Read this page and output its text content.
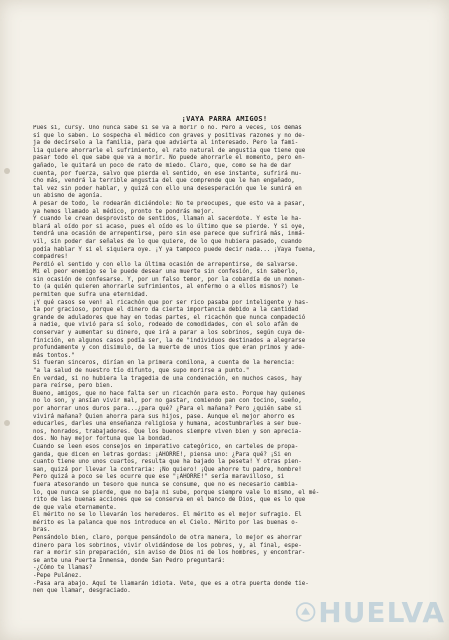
¡VAYA PARRA AMIGOS!
Pues sí, cursy. Uno nunca sabe si se va a morir o no. Pero a veces, los demás
sí que lo saben. Lo sospecha el médico con graves y positivas razones y no de-
ja de decírselo a la familia, para que advierta al interesado. Pero la fami-
lia quiere ahorrarle el sufrimiento, el rato natural de angustia que tiene que
pasar todo el que sabe que va a morir. No puede ahorrarle el momento, pero en-
gañado, le quitará un poco de rato de miedo. Claro, que, como se ha de dar
cuenta, por fuerza, salvo que pierda el sentido, en ese instante, sufrirá mu-
cho más, vendrá la terrible angustia del que comprende que le han engañado,
tal vez sin poder hablar, y quizá con ello una desesperación que le sumirá en
un abismo de agonía.
A pesar de todo, le rodearán diciéndole: No te preocupes, que esto va a pasar,
ya hemos llamado al médico, pronto te pondrás mejor.
Y cuando le crean desprovisto de sentidos, llaman al sacerdote. Y este le ha-
blará al oído por si acaso, pues el oído es lo último que se pierde. Y si oye,
tendrá una ocasión de arrepentirse, pero sin ese parece que sufrirá más, inmá-
vil, sin poder dar señales de lo que quiere, de lo que hubiera pasado, cuando
podía hablar Y si el siquiera oye. ¡Y ya tampoco puede decir nada... ¡Vaya fuena,
compadres!
Perdió el sentido y con ello la última ocasión de arrepentirse, de salvarse.
Mi el peor enemigo se le puede desear una muerte sin confesión, sin saberlo,
sin ocasión de confesarse. Y, por un falso temor, por la cobardía de un momen-
to (a quién quieren ahorrarle sufrimientos, al enfermo o a ellos mismos?) le
permiten que sufra una eternidad.
¡Y qué casos se ven! al ricachón que por ser rico pasaba por inteligente y has-
ta por gracioso, porque el dinero da cierta importancia debido a la cantidad
grande de aduladores que hay en todas partes, el ricachón que nunca compadeció
a nadie, que vivió para sí solo, rodeado de comodidades, con el solo afán de
conservar y aumentar su dinero, que irá a parar a los sobrinos, según cuya de-
finición, en algunos casos podía ser, la de "individuos destinados a alegrarse
profundamente y con disimulo, de la muerte de unos tíos que eran primos y ade-
más tontos."
Si fueran sinceros, dirían en la primera comilona, a cuenta de la herencia:
"a la salud de nuestro tío difunto, que supo morirse a punto."
En verdad, si no hubiera la tragedia de una condenación, en muchos casos, hay
para reírse, pero bien.
Bueno, amigos, que no hace falta ser un ricachón para esto. Porque hay quienes
no lo son, y ansían vivir mal, por no gastar, comiendo pan con tocino, sueño,
por ahorrar unos duros para...¿para qué? ¿Para el mañana? Pero ¿quién sabe si
vivirá mañana? Quien ahorra para sus hijos, pase. Aunque el mejor ahorro es
educarles, darles una enseñanza religiosa y humana, acostumbrarles a ser bue-
nos, honrados, trabajadores. Que los buenos siempre viven bien y son aprecia-
dos. No hay mejor fortuna que la bondad.
Cuando se leen esos consejos en imperativo categórico, en carteles de propa-
ganda, que dicen en letras gordas: ¡AHORRE!, piensa uno: ¿Para qué? ¡Si en
cuanto tiene uno unos cuartos, resulta que ha bajado la peseta! Y otras pien-
san, quizá por llevar la contraria: ¡No quiero! ¡Que ahorre tu padre, hombre!
Pero quizá a poco se les ocurre que ese "¡AHORRE!" sería maravilloso, si
fuera atesorando un tesoro que nunca se consume, que no es necesario cambia-
lo, que nunca se pierde, que no baja ni sube, porque siempre vale lo mismo, el mé-
rito de las buenas acciones que se conserva en el banco de Dios, que es lo que
de que vale eternamente.
El mérito no se lo llevarán los herederos. El mérito es el mejor sufragio. El
mérito es la palanca que nos introduce en el Cielo. Mérito por las buenas o-
bras.
Pensándolo bien, claro, porque pensándolo de otra manera, lo mejor es ahorrar
dinero para los sobrinos, vivir olvidándose de los pobres, y, al final, espe-
rar a morir sin preparación, sin aviso de Dios ni de los hombres, y encontrar-
se ante una Puerta Inmensa, donde San Pedro preguntará:
-¿Cómo te llamas?
-Pepe Pulánez.
-Pasa ara abajo. Aquí te llamarán idiota. Vete, que es a otra puerta donde tie-
nen que llamar, desgraciado.
HUELVA
